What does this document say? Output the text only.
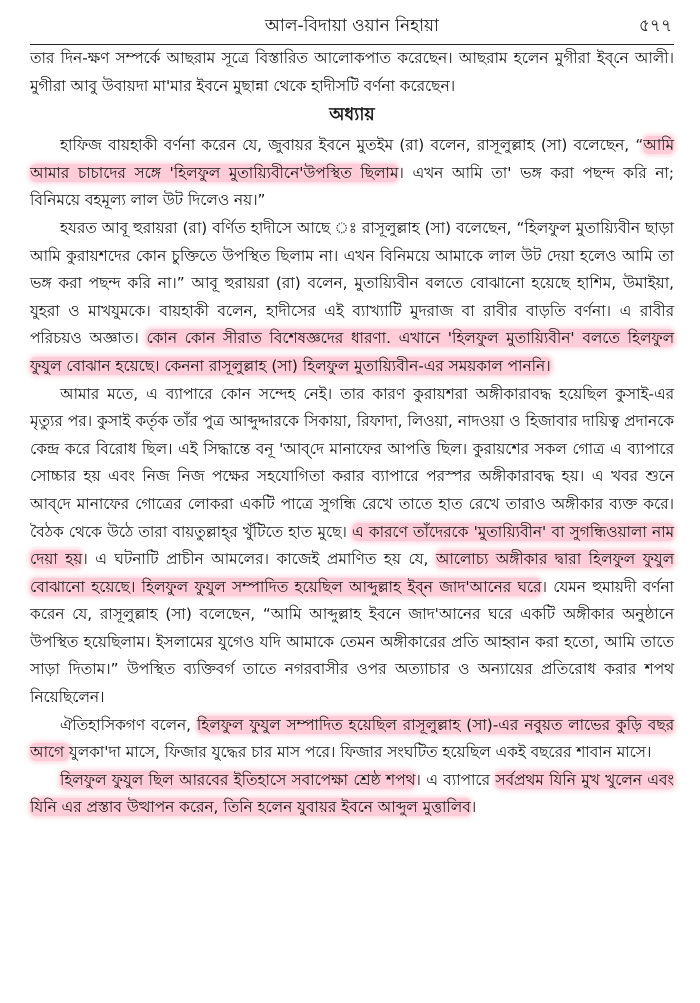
আল-বিদায়া ওয়ান নিহায়া	৫৭৭

তার দিন-ক্ষণ সম্পর্কে আছরাম সূত্রে বিস্তারিত আলোকপাত করেছেন। আছরাম হলেন মুগীরা ইব্‌নে আলী। মুগীরা আবু উবায়দা মা'মার ইবনে মুছান্না থেকে হাদীসটি বর্ণনা করেছেন।

অধ্যায়

হাফিজ বায়হাকী বর্ণনা করেন যে, জুবায়র ইবনে মুতইম (রা) বলেন, রাসূলুল্লাহ (সা) বলেছেন, “আমি আমার চাচাদের সঙ্গে 'হিলফুল মুতায়্যিবীনে'উপস্থিত ছিলাম। এখন আমি তা' ভঙ্গ করা পছন্দ করি না; বিনিময়ে বহমূল্য লাল উট দিলেও নয়।”

হযরত আবূ হুরায়রা (রা) বর্ণিত হাদীসে আছে ঃ রাসূলুল্লাহ (সা) বলেছেন, “হিলফুল মুতায়্যিবীন ছাড়া আমি কুরায়শদের কোন চুক্তিতে উপস্থিত ছিলাম না। এখন বিনিময়ে আমাকে লাল উট দেয়া হলেও আমি তা ভঙ্গ করা পছন্দ করি না।” আবূ হুরায়রা (রা) বলেন, মুতায়্যিবীন বলতে বোঝানো হয়েছে হাশিম, উমাইয়া, যুহরা ও মাখযুমকে। বায়হাকী বলেন, হাদীসের এই ব্যাখ্যাটি মুদরাজ বা রাবীর বাড়তি বর্ণনা। এ রাবীর পরিচয়ও অজ্ঞাত। কোন কোন সীরাত বিশেষজ্ঞদের ধারণা. এখানে 'হিলফুল মুতায়্যিবীন' বলতে হিলফুল ফুযুল বোঝান হয়েছে। কেননা রাসূলুল্লাহ (সা) হিলফুল মুতায়্যিবীন-এর সময়কাল পাননি।

আমার মতে, এ ব্যাপারে কোন সন্দেহ নেই। তার কারণ কুরায়শরা অঙ্গীকারাবদ্ধ হয়েছিল কুসাই-এর মৃত্যুর পর। কুসাই কর্তৃক তাঁর পুত্র আব্দুদ্দারকে সিকায়া, রিফাদা, লিওয়া, নাদওয়া ও হিজাবার দায়িত্ব প্রদানকে কেন্দ্র করে বিরোধ ছিল। এই সিদ্ধান্তে বনূ 'আব্‌দে মানাফের আপত্তি ছিল। কুরায়শের সকল গোত্র এ ব্যাপারে সোচ্চার হয় এবং নিজ নিজ পক্ষের সহযোগিতা করার ব্যাপারে পরস্পর অঙ্গীকারাবদ্ধ হয়। এ খবর শুনে আব্‌দে মানাফের গোত্রের লোকরা একটি পাত্রে সুগন্ধি রেখে তাতে হাত রেখে তারাও অঙ্গীকার ব্যক্ত করে। বৈঠক থেকে উঠে তারা বায়তুল্লাহ্‌র খুঁটিতে হাত মুছে। এ কারণে তাঁদেরকে 'মুতায়্যিবীন' বা সুগন্ধিওয়ালা নাম দেয়া হয়। এ ঘটনাটি প্রাচীন আমলের। কাজেই প্রমাণিত হয় যে, আলোচ্য অঙ্গীকার দ্বারা হিলফুল ফুযুল বোঝানো হয়েছে। হিলফুল ফুযুল সম্পাদিত হয়েছিল আব্দুল্লাহ ইব্‌ন জাদ'আনের ঘরে। যেমন হুমায়দী বর্ণনা করেন যে, রাসূলুল্লাহ (সা) বলেছেন, “আমি আব্দুল্লাহ ইবনে জাদ'আনের ঘরে একটি অঙ্গীকার অনুষ্ঠানে উপস্থিত হয়েছিলাম। ইসলামের যুগেও যদি আমাকে তেমন অঙ্গীকারের প্রতি আহ্বান করা হতো, আমি তাতে সাড়া দিতাম।” উপস্থিত ব্যক্তিবর্গ তাতে নগরবাসীর ওপর অত্যাচার ও অন্যায়ের প্রতিরোধ করার শপথ নিয়েছিলেন।

ঐতিহাসিকগণ বলেন, হিলফুল ফুযুল সম্পাদিত হয়েছিল রাসূলুল্লাহ (সা)-এর নবুয়ত লাভের কুড়ি বছর আগে যুলকা'দা মাসে, ফিজার যুদ্ধের চার মাস পরে। ফিজার সংঘটিত হয়েছিল একই বছরের শাবান মাসে।

হিলফুল ফুযুল ছিল আরবের ইতিহাসে সবাপেক্ষা শ্রেষ্ঠ শপথ। এ ব্যাপারে সর্বপ্রথম যিনি মুখ খুলেন এবং যিনি এর প্রস্তাব উত্থাপন করেন, তিনি হলেন যুবায়র ইবনে আব্দুল মুত্তালিব।
